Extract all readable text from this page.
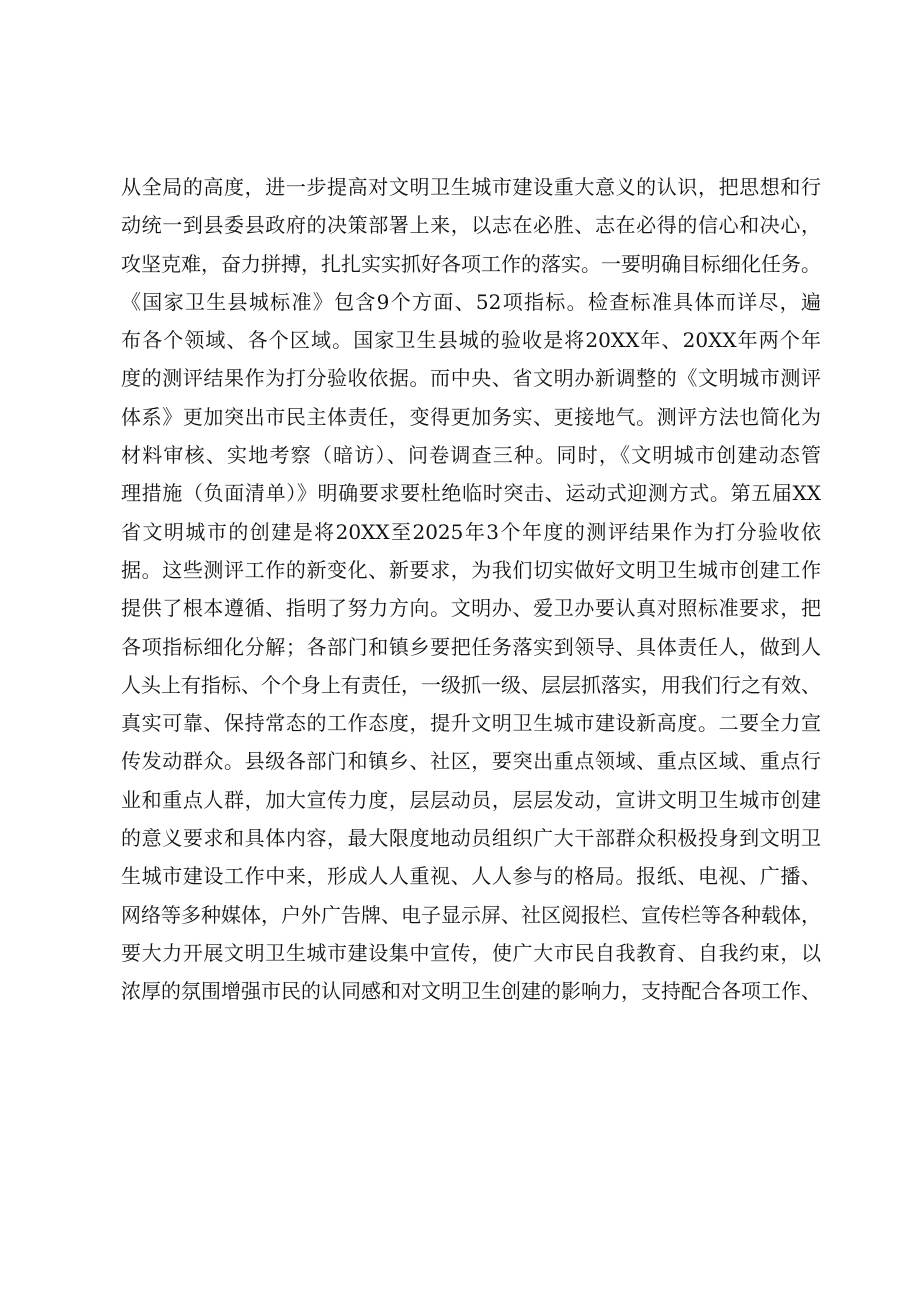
从全局的高度，进一步提高对文明卫生城市建设重大意义的认识，把思想和行
动统一到县委县政府的决策部署上来，以志在必胜、志在必得的信心和决心，
攻坚克难，奋力拼搏，扎扎实实抓好各项工作的落实。一要明确目标细化任务。
《国家卫生县城标准》包含9个方面、52项指标。检查标准具体而详尽，遍
布各个领域、各个区域。国家卫生县城的验收是将20XX年、20XX年两个年
度的测评结果作为打分验收依据。而中央、省文明办新调整的《文明城市测评
体系》更加突出市民主体责任，变得更加务实、更接地气。测评方法也简化为
材料审核、实地考察（暗访）、问卷调查三种。同时，《文明城市创建动态管
理措施（负面清单）》明确要求要杜绝临时突击、运动式迎测方式。第五届XX
省文明城市的创建是将20XX至2025年3个年度的测评结果作为打分验收依
据。这些测评工作的新变化、新要求，为我们切实做好文明卫生城市创建工作
提供了根本遵循、指明了努力方向。文明办、爱卫办要认真对照标准要求，把
各项指标细化分解；各部门和镇乡要把任务落实到领导、具体责任人，做到人
人头上有指标、个个身上有责任，一级抓一级、层层抓落实，用我们行之有效、
真实可靠、保持常态的工作态度，提升文明卫生城市建设新高度。二要全力宣
传发动群众。县级各部门和镇乡、社区，要突出重点领域、重点区域、重点行
业和重点人群，加大宣传力度，层层动员，层层发动，宣讲文明卫生城市创建
的意义要求和具体内容，最大限度地动员组织广大干部群众积极投身到文明卫
生城市建设工作中来，形成人人重视、人人参与的格局。报纸、电视、广播、
网络等多种媒体，户外广告牌、电子显示屏、社区阅报栏、宣传栏等各种载体，
要大力开展文明卫生城市建设集中宣传，使广大市民自我教育、自我约束，以
浓厚的氛围增强市民的认同感和对文明卫生创建的影响力，支持配合各项工作、
